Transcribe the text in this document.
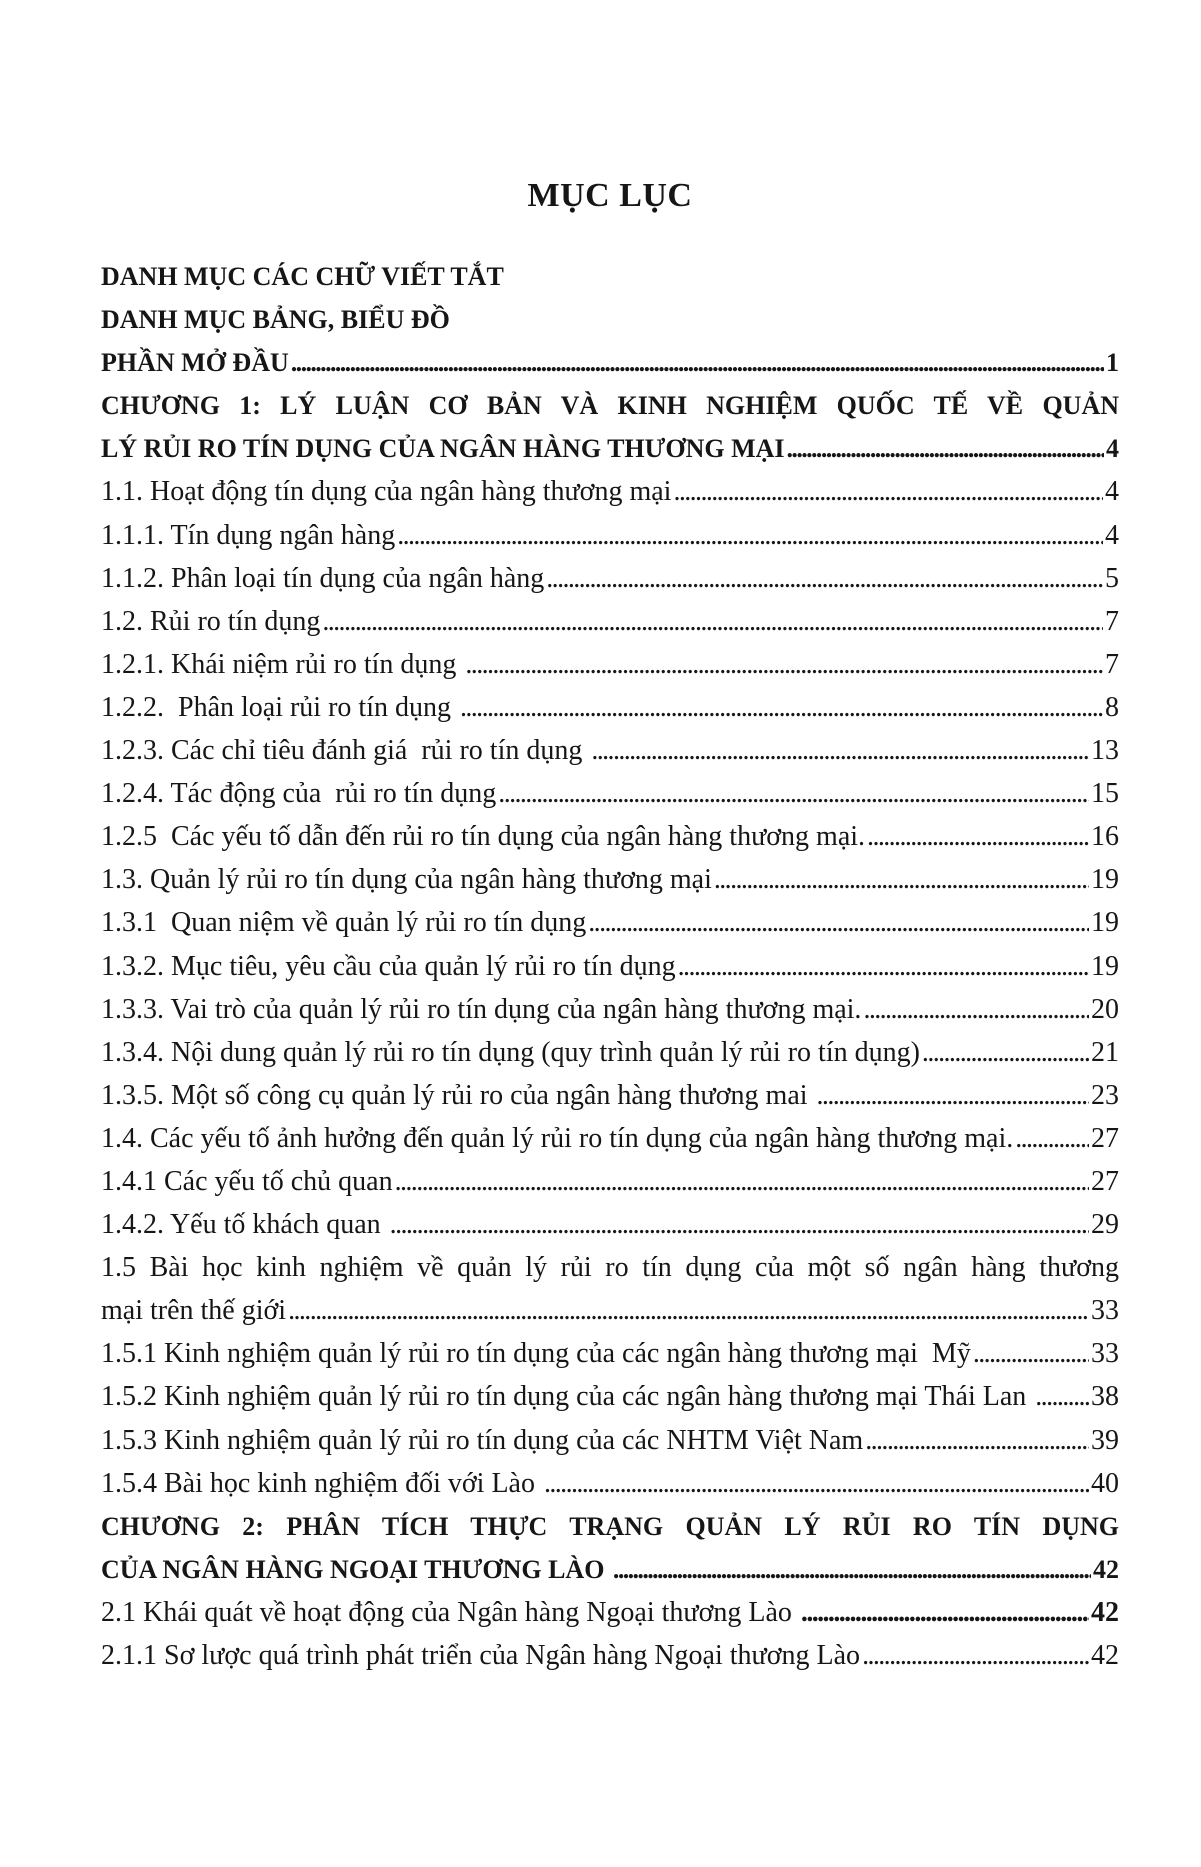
MỤC LỤC
DANH MỤC CÁC CHỮ VIẾT TẮT
DANH MỤC BẢNG, BIỂU ĐỒ
PHẦN MỞ ĐẦU .....	1
CHƯƠNG 1: LÝ LUẬN CƠ BẢN VÀ KINH NGHIỆM QUỐC TẾ VỀ QUẢN
LÝ RỦI RO TÍN DỤNG CỦA NGÂN HÀNG THƯƠNG MẠI .....	4
1.1. Hoạt động tín dụng của ngân hàng thương mại .....	4
1.1.1. Tín dụng ngân hàng .....	4
1.1.2. Phân loại tín dụng của ngân hàng .....	5
1.2. Rủi ro tín dụng .....	7
1.2.1. Khái niệm rủi ro tín dụng .....	7
1.2.2.  Phân loại rủi ro tín dụng .....	8
1.2.3. Các chỉ tiêu đánh giá  rủi ro tín dụng .....	13
1.2.4. Tác động của  rủi ro tín dụng .....	15
1.2.5  Các yếu tố dẫn đến rủi ro tín dụng của ngân hàng thương mại. .....	16
1.3. Quản lý rủi ro tín dụng của ngân hàng thương mại .....	19
1.3.1  Quan niệm về quản lý rủi ro tín dụng .....	19
1.3.2. Mục tiêu, yêu cầu của quản lý rủi ro tín dụng .....	19
1.3.3. Vai trò của quản lý rủi ro tín dụng của ngân hàng thương mại. .....	20
1.3.4. Nội dung quản lý rủi ro tín dụng (quy trình quản lý rủi ro tín dụng) .....	21
1.3.5. Một số công cụ quản lý rủi ro của ngân hàng thương mai .....	23
1.4. Các yếu tố ảnh hưởng đến quản lý rủi ro tín dụng của ngân hàng thương mại. .....	27
1.4.1 Các yếu tố chủ quan .....	27
1.4.2. Yếu tố khách quan .....	29
1.5 Bài học kinh nghiệm về quản lý rủi ro tín dụng của một số ngân hàng thương
mại trên thế giới .....	33
1.5.1 Kinh nghiệm quản lý rủi ro tín dụng của các ngân hàng thương mại  Mỹ .....	33
1.5.2 Kinh nghiệm quản lý rủi ro tín dụng của các ngân hàng thương mại Thái Lan ..... 38
1.5.3 Kinh nghiệm quản lý rủi ro tín dụng của các NHTM Việt Nam .....	39
1.5.4 Bài học kinh nghiệm đối với Lào .....	40
CHƯƠNG 2: PHÂN TÍCH THỰC TRẠNG QUẢN LÝ RỦI RO TÍN DỤNG
CỦA NGÂN HÀNG NGOẠI THƯƠNG LÀO .....	42
2.1 Khái quát về hoạt động của Ngân hàng Ngoại thương Lào .....	42
2.1.1 Sơ lược quá trình phát triển của Ngân hàng Ngoại thương Lào .....	42
